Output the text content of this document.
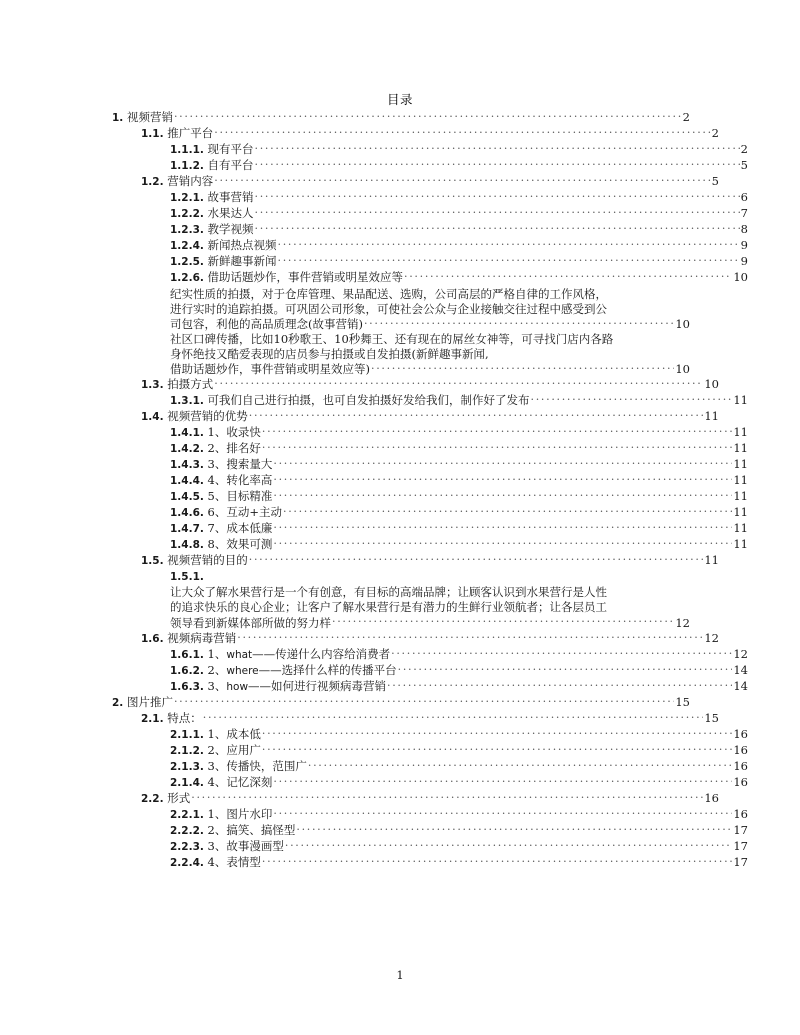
目录
1. 视频营销 . . .	2
1.1. 推广平台 . . .	2
1.1.1. 现有平台 . . .	2
1.1.2. 自有平台 . . .	5
1.2. 营销内容 . . .	5
1.2.1. 故事营销 . . .	6
1.2.2. 水果达人 . . .	7
1.2.3. 教学视频 . . .	8
1.2.4. 新闻热点视频 . . .	9
1.2.5. 新鲜趣事新闻 . . .	9
1.2.6. 借助话题炒作，事件营销或明星效应等 . . .	10
纪实性质的拍摄，对于仓库管理、果品配送、选购，公司高层的严格自律的工作风格，
进行实时的追踪拍摄。可巩固公司形象，可使社会公众与企业接触交往过程中感受到公
司包容，利他的高品质理念(故事营销) . . .	10
社区口碑传播，比如10秒歌王、10秒舞王、还有现在的屌丝女神等，可寻找门店内各路
身怀绝技又酷爱表现的店员参与拍摄或自发拍摄(新鲜趣事新闻,
借助话题炒作，事件营销或明星效应等) . . .	10
1.3. 拍摄方式 . . .	10
1.3.1. 可我们自己进行拍摄，也可自发拍摄好发给我们，制作好了发布 . . .	11
1.4. 视频营销的优势 . . .	11
1.4.1. 1、收录快 . . .	11
1.4.2. 2、排名好 . . .	11
1.4.3. 3、搜索量大 . . .	11
1.4.4. 4、转化率高 . . .	11
1.4.5. 5、目标精准 . . .	11
1.4.6. 6、互动+主动 . . .	11
1.4.7. 7、成本低廉 . . .	11
1.4.8. 8、效果可测 . . .	11
1.5. 视频营销的目的 . . .	11
1.5.1.
让大众了解水果营行是一个有创意，有目标的高端品牌；让顾客认识到水果营行是人性
的追求快乐的良心企业；让客户了解水果营行是有潜力的生鲜行业领航者；让各层员工
领导看到新媒体部所做的努力样 . . .	12
1.6. 视频病毒营销 . . .	12
1.6.1. 1、what——传递什么内容给消费者 . . .	12
1.6.2. 2、where——选择什么样的传播平台 . . .	14
1.6.3. 3、how——如何进行视频病毒营销 . . .	14
2. 图片推广 . . .	15
2.1. 特点： . . .	15
2.1.1. 1、成本低 . . .	16
2.1.2. 2、应用广 . . .	16
2.1.3. 3、传播快，范围广 . . .	16
2.1.4. 4、记忆深刻 . . .	16
2.2. 形式 . . .	16
2.2.1. 1、图片水印 . . .	16
2.2.2. 2、搞笑、搞怪型 . . .	17
2.2.3. 3、故事漫画型 . . .	17
2.2.4. 4、表情型 . . .	17
1
